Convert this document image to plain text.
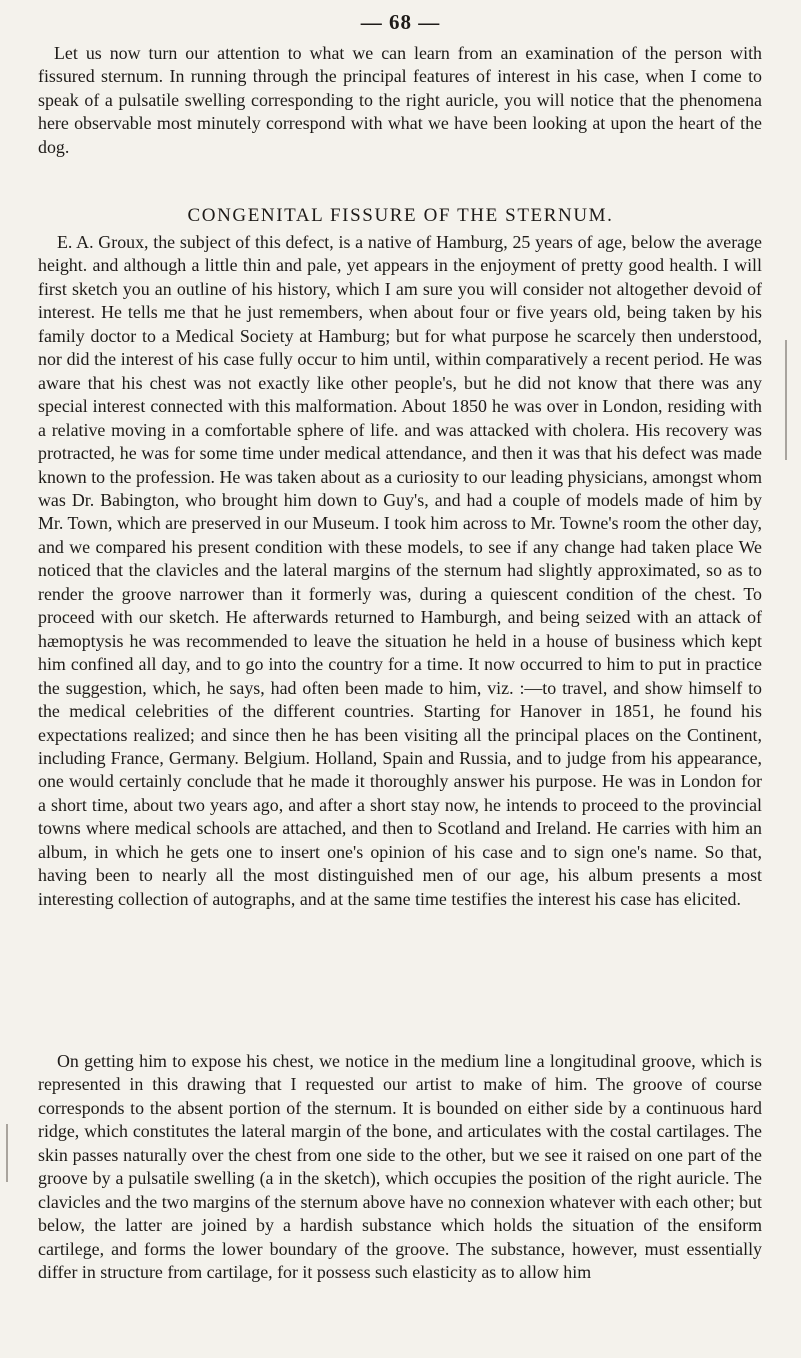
— 68 —

Let us now turn our attention to what we can learn from an examination of the person with fissured sternum. In running through the principal features of interest in his case, when I come to speak of a pulsatile swelling corresponding to the right auricle, you will notice that the phenomena here observable most minutely correspond with what we have been looking at upon the heart of the dog.

CONGENITAL FISSURE OF THE STERNUM.

E. A. Groux, the subject of this defect, is a native of Hamburg, 25 years of age, below the average height. and although a little thin and pale, yet appears in the enjoyment of pretty good health. I will first sketch you an outline of his history, which I am sure you will consider not altogether devoid of interest. He tells me that he just remembers, when about four or five years old, being taken by his family doctor to a Medical Society at Hamburg; but for what purpose he scarcely then understood, nor did the interest of his case fully occur to him until, within comparatively a recent period. He was aware that his chest was not exactly like other people's, but he did not know that there was any special interest connected with this malformation. About 1850 he was over in London, residing with a relative moving in a comfortable sphere of life. and was attacked with cholera. His recovery was protracted, he was for some time under medical attendance, and then it was that his defect was made known to the profession. He was taken about as a curiosity to our leading physicians, amongst whom was Dr. Babington, who brought him down to Guy's, and had a couple of models made of him by Mr. Town, which are preserved in our Museum. I took him across to Mr. Towne's room the other day, and we compared his present condition with these models, to see if any change had taken place We noticed that the clavicles and the lateral margins of the sternum had slightly approximated, so as to render the groove narrower than it formerly was, during a quiescent condition of the chest. To proceed with our sketch. He afterwards returned to Hamburgh, and being seized with an attack of hæmoptysis he was recommended to leave the situation he held in a house of business which kept him confined all day, and to go into the country for a time. It now occurred to him to put in practice the suggestion, which, he says, had often been made to him, viz. :—to travel, and show himself to the medical celebrities of the different countries. Starting for Hanover in 1851, he found his expectations realized; and since then he has been visiting all the principal places on the Continent, including France, Germany. Belgium. Holland, Spain and Russia, and to judge from his appearance, one would certainly conclude that he made it thoroughly answer his purpose. He was in London for a short time, about two years ago, and after a short stay now, he intends to proceed to the provincial towns where medical schools are attached, and then to Scotland and Ireland. He carries with him an album, in which he gets one to insert one's opinion of his case and to sign one's name. So that, having been to nearly all the most distinguished men of our age, his album presents a most interesting collection of autographs, and at the same time testifies the interest his case has elicited.

On getting him to expose his chest, we notice in the medium line a longitudinal groove, which is represented in this drawing that I requested our artist to make of him. The groove of course corresponds to the absent portion of the sternum. It is bounded on either side by a continuous hard ridge, which constitutes the lateral margin of the bone, and articulates with the costal cartilages. The skin passes naturally over the chest from one side to the other, but we see it raised on one part of the groove by a pulsatile swelling (a in the sketch), which occupies the position of the right auricle. The clavicles and the two margins of the sternum above have no connexion whatever with each other; but below, the latter are joined by a hardish substance which holds the situation of the ensiform cartilege, and forms the lower boundary of the groove. The substance, however, must essentially differ in structure from cartilage, for it possess such elasticity as to allow him
